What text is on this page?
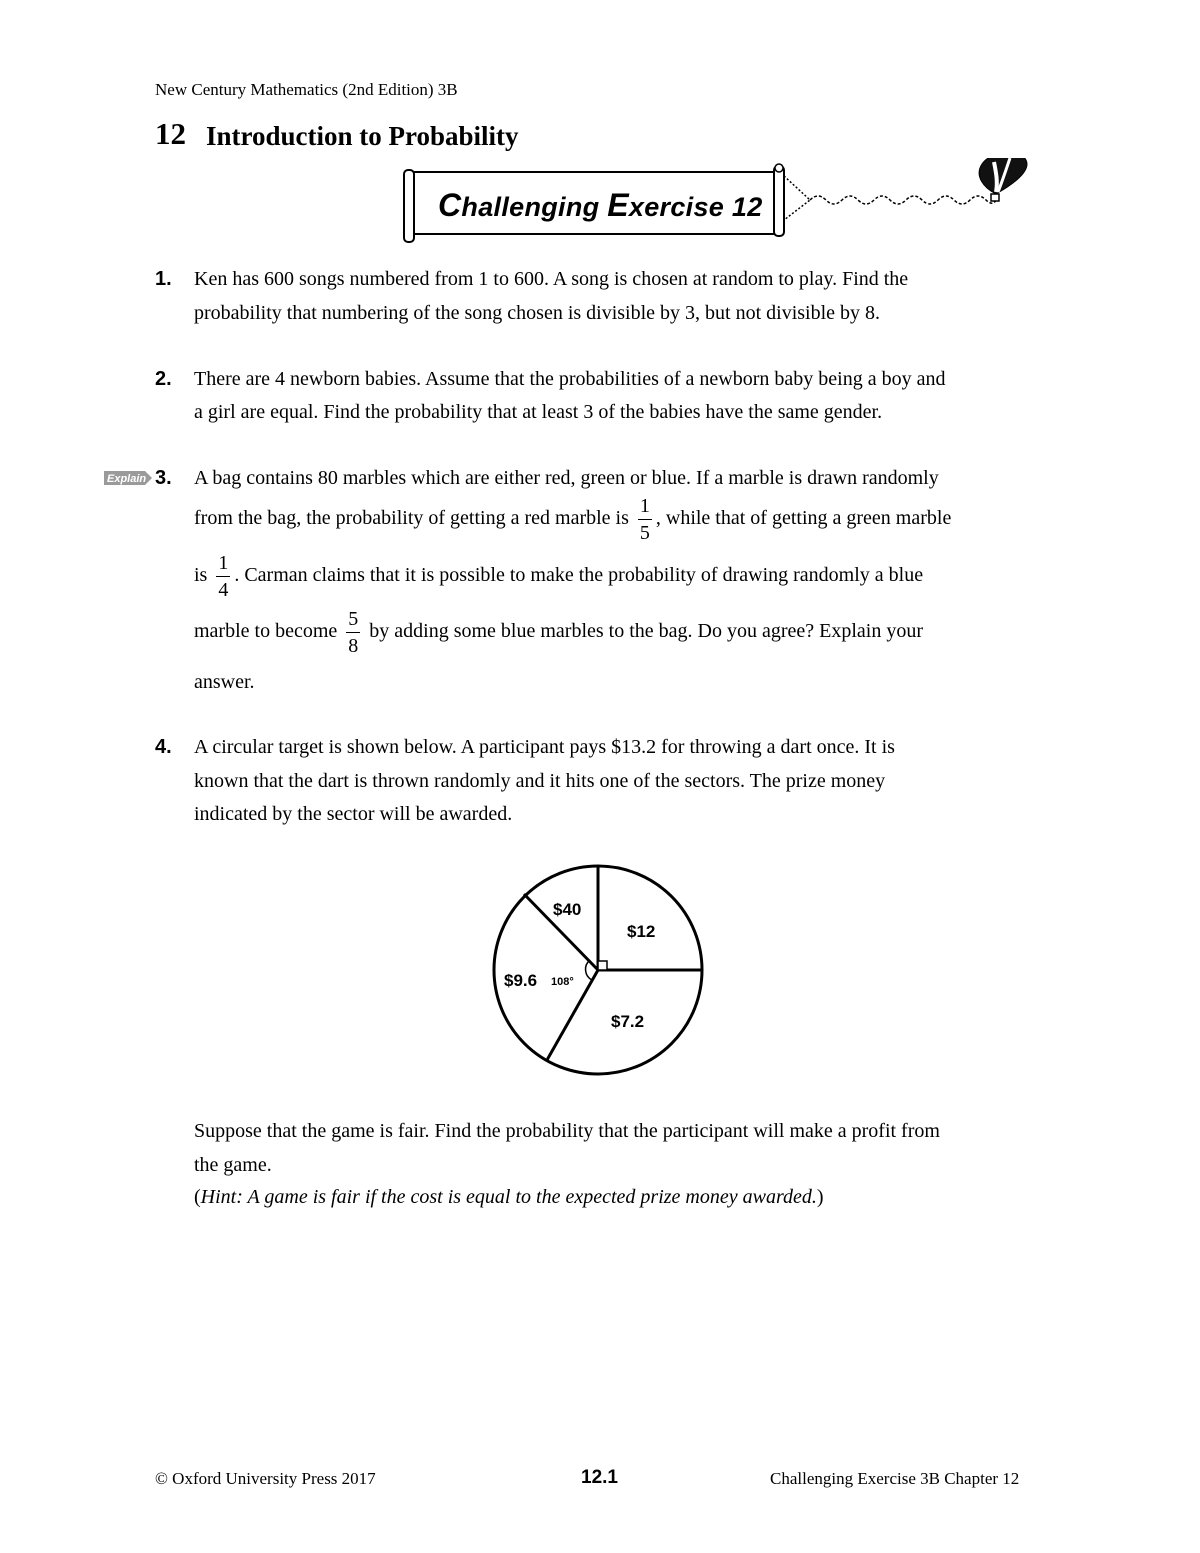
New Century Mathematics (2nd Edition) 3B
12 Introduction to Probability
Challenging Exercise 12
1. Ken has 600 songs numbered from 1 to 600. A song is chosen at random to play. Find the
probability that numbering of the song chosen is divisible by 3, but not divisible by 8.
2. There are 4 newborn babies. Assume that the probabilities of a newborn baby being a boy and
a girl are equal. Find the probability that at least 3 of the babies have the same gender.
Explain 3. A bag contains 80 marbles which are either red, green or blue. If a marble is drawn randomly
from the bag, the probability of getting a red marble is $\frac{1}{5}$ , while that of getting a green marble
is $\frac{1}{4}$ . Carman claims that it is possible to make the probability of drawing randomly a blue
marble to become $\frac{5}{8}$ by adding some blue marbles to the bag. Do you agree? Explain your
answer.
4. A circular target is shown below. A participant pays $13.2 for throwing a dart once. It is
known that the dart is thrown randomly and it hits one of the sectors. The prize money
indicated by the sector will be awarded.
$40
$12
$9.6 108°
$7.2
Suppose that the game is fair. Find the probability that the participant will make a profit from
the game.
(Hint: A game is fair if the cost is equal to the expected prize money awarded.)
© Oxford University Press 2017	12.1	Challenging Exercise 3B Chapter 12
